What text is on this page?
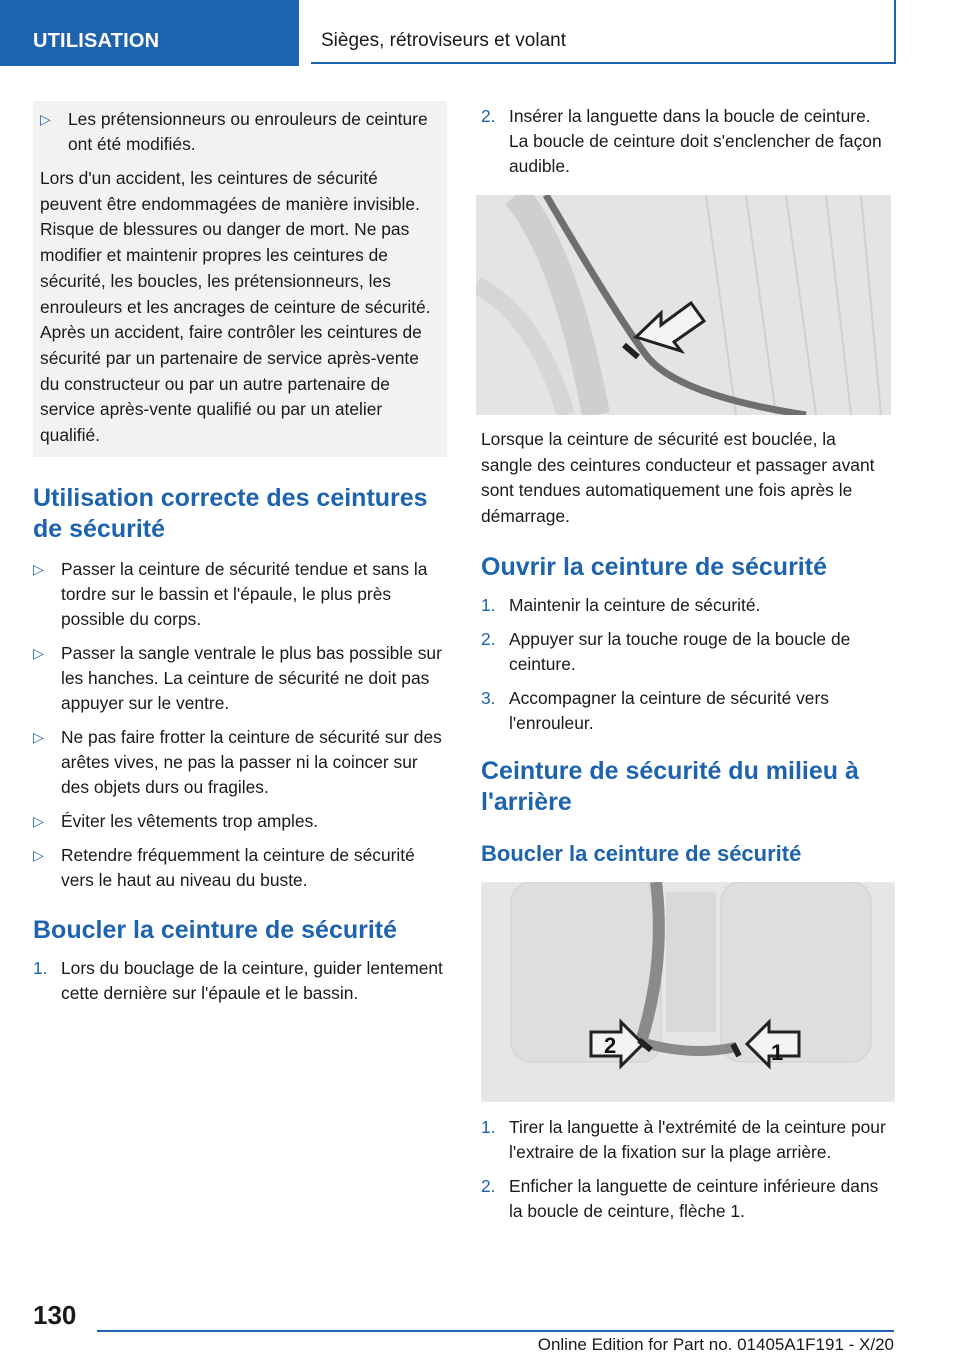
UTILISATION	Sièges, rétroviseurs et volant
▷ Les prétensionneurs ou enrouleurs de ceinture ont été modifiés.

Lors d'un accident, les ceintures de sécurité peuvent être endommagées de manière invisible. Risque de blessures ou danger de mort. Ne pas modifier et maintenir propres les ceintures de sécurité, les boucles, les prétensionneurs, les enrouleurs et les ancrages de ceinture de sécurité. Après un accident, faire contrôler les ceintures de sécurité par un partenaire de service après-vente du constructeur ou par un autre partenaire de service après-vente qualifié ou par un atelier qualifié.

Utilisation correcte des ceintures de sécurité
▷ Passer la ceinture de sécurité tendue et sans la tordre sur le bassin et l'épaule, le plus près possible du corps.
▷ Passer la sangle ventrale le plus bas possible sur les hanches. La ceinture de sécurité ne doit pas appuyer sur le ventre.
▷ Ne pas faire frotter la ceinture de sécurité sur des arêtes vives, ne pas la passer ni la coincer sur des objets durs ou fragiles.
▷ Éviter les vêtements trop amples.
▷ Retendre fréquemment la ceinture de sécurité vers le haut au niveau du buste.
Boucler la ceinture de sécurité
1. Lors du bouclage de la ceinture, guider lentement cette dernière sur l'épaule et le bassin.
2. Insérer la languette dans la boucle de ceinture. La boucle de ceinture doit s'enclencher de façon audible.

Lorsque la ceinture de sécurité est bouclée, la sangle des ceintures conducteur et passager avant sont tendues automatiquement une fois après le démarrage.

Ouvrir la ceinture de sécurité
1. Maintenir la ceinture de sécurité.
2. Appuyer sur la touche rouge de la boucle de ceinture.
3. Accompagner la ceinture de sécurité vers l'enrouleur.
Ceinture de sécurité du milieu à l'arrière
Boucler la ceinture de sécurité
2	1
1. Tirer la languette à l'extrémité de la ceinture pour l'extraire de la fixation sur la plage arrière.
2. Enficher la languette de ceinture inférieure dans la boucle de ceinture, flèche 1.
130
Online Edition for Part no. 01405A1F191 - X/20
